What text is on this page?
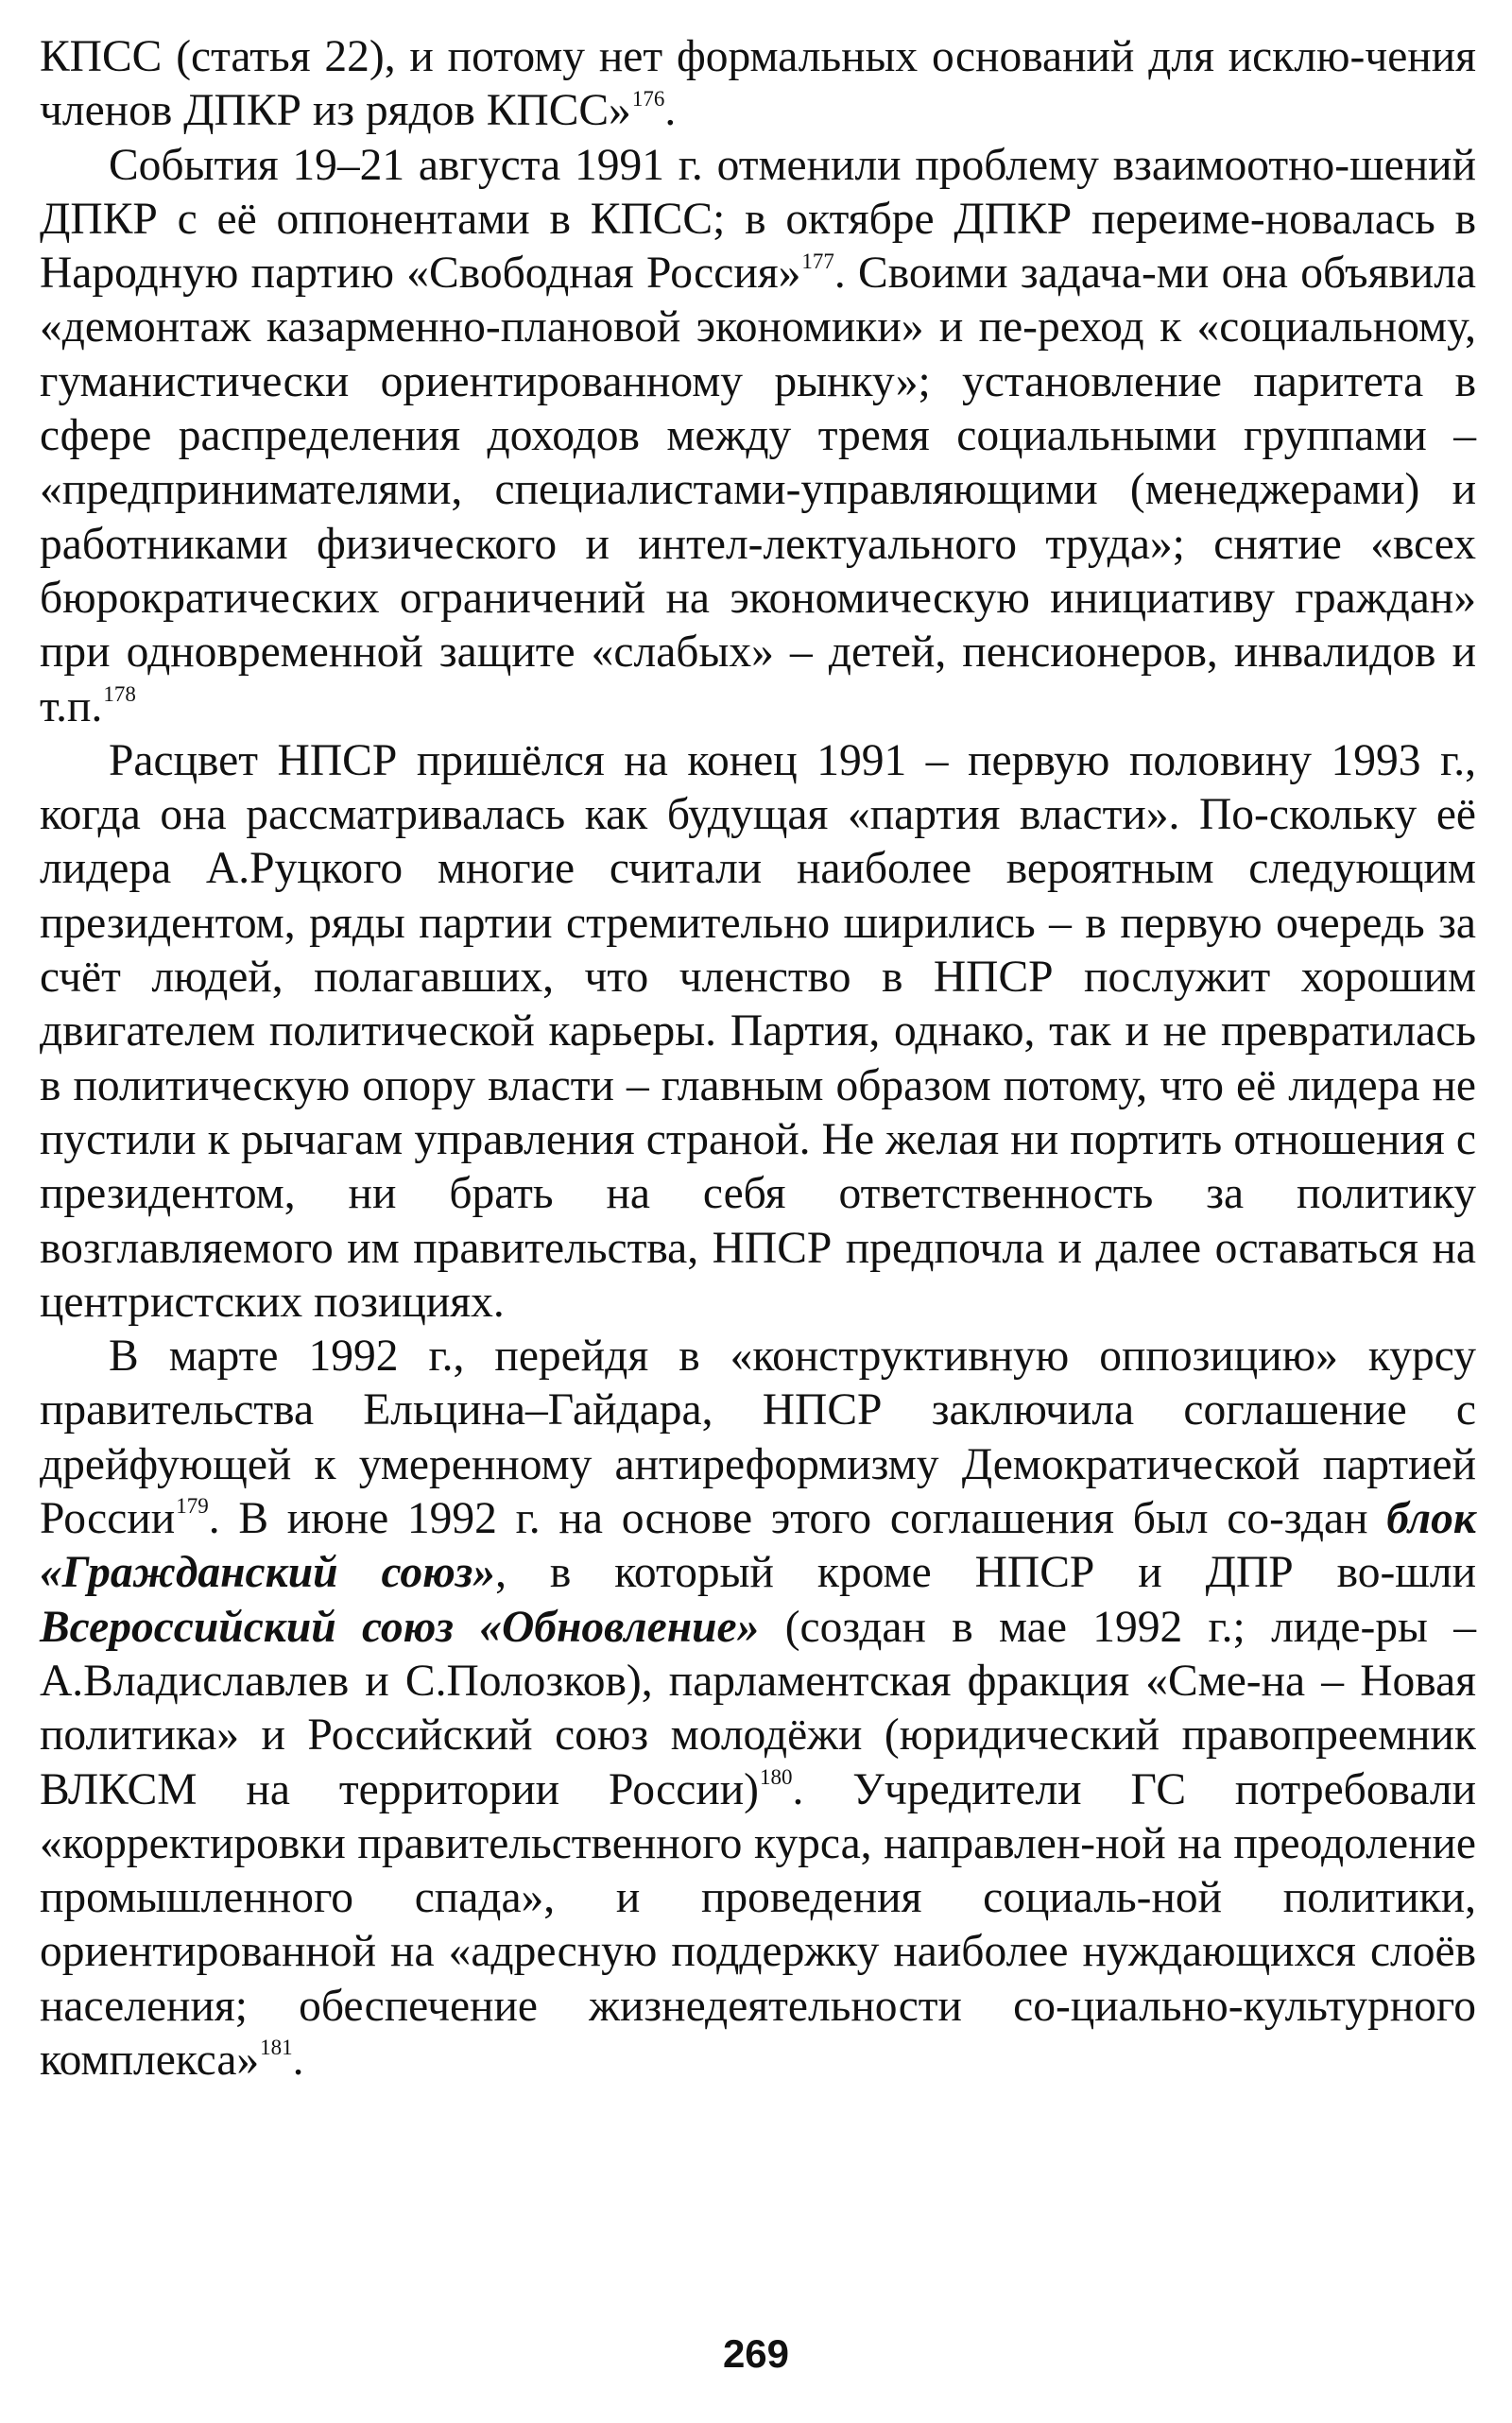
КПСС (статья 22), и потому нет формальных оснований для исклю-чения членов ДПКР из рядов КПСС»$^{176}$.

События 19–21 августа 1991 г. отменили проблему взаимоотно-шений ДПКР с её оппонентами в КПСС; в октябре ДПКР переиме-новалась в Народную партию «Свободная Россия»$^{177}$. Своими задача-ми она объявила «демонтаж казарменно-плановой экономики» и пе-реход к «социальному, гуманистически ориентированному рынку»; установление паритета в сфере распределения доходов между тремя социальными группами – «предпринимателями, специалистами-управляющими (менеджерами) и работниками физического и интел-лектуального труда»; снятие «всех бюрократических ограничений на экономическую инициативу граждан» при одновременной защите «слабых» – детей, пенсионеров, инвалидов и т.п.$^{178}$

Расцвет НПСР пришёлся на конец 1991 – первую половину 1993 г., когда она рассматривалась как будущая «партия власти». По-скольку её лидера А.Руцкого многие считали наиболее вероятным следующим президентом, ряды партии стремительно ширились – в первую очередь за счёт людей, полагавших, что членство в НПСР послужит хорошим двигателем политической карьеры. Партия, однако, так и не превратилась в политическую опору власти – главным образом потому, что её лидера не пустили к рычагам управления страной. Не желая ни портить отношения с президентом, ни брать на себя ответственность за политику возглавляемого им правительства, НПСР предпочла и далее оставаться на центристских позициях.

В марте 1992 г., перейдя в «конструктивную оппозицию» курсу правительства Ельцина–Гайдара, НПСР заключила соглашение с дрейфующей к умеренному антиреформизму Демократической партией России$^{179}$. В июне 1992 г. на основе этого соглашения был со-здан блок «Гражданский союз», в который кроме НПСР и ДПР во-шли Всероссийский союз «Обновление» (создан в мае 1992 г.; лиде-ры – А.Владиславлев и С.Полозков), парламентская фракция «Сме-на – Новая политика» и Российский союз молодёжи (юридический правопреемник ВЛКСМ на территории России)$^{180}$. Учредители ГС потребовали «корректировки правительственного курса, направлен-ной на преодоление промышленного спада», и проведения социаль-ной политики, ориентированной на «адресную поддержку наиболее нуждающихся слоёв населения; обеспечение жизнедеятельности со-циально-культурного комплекса»$^{181}$.

269
